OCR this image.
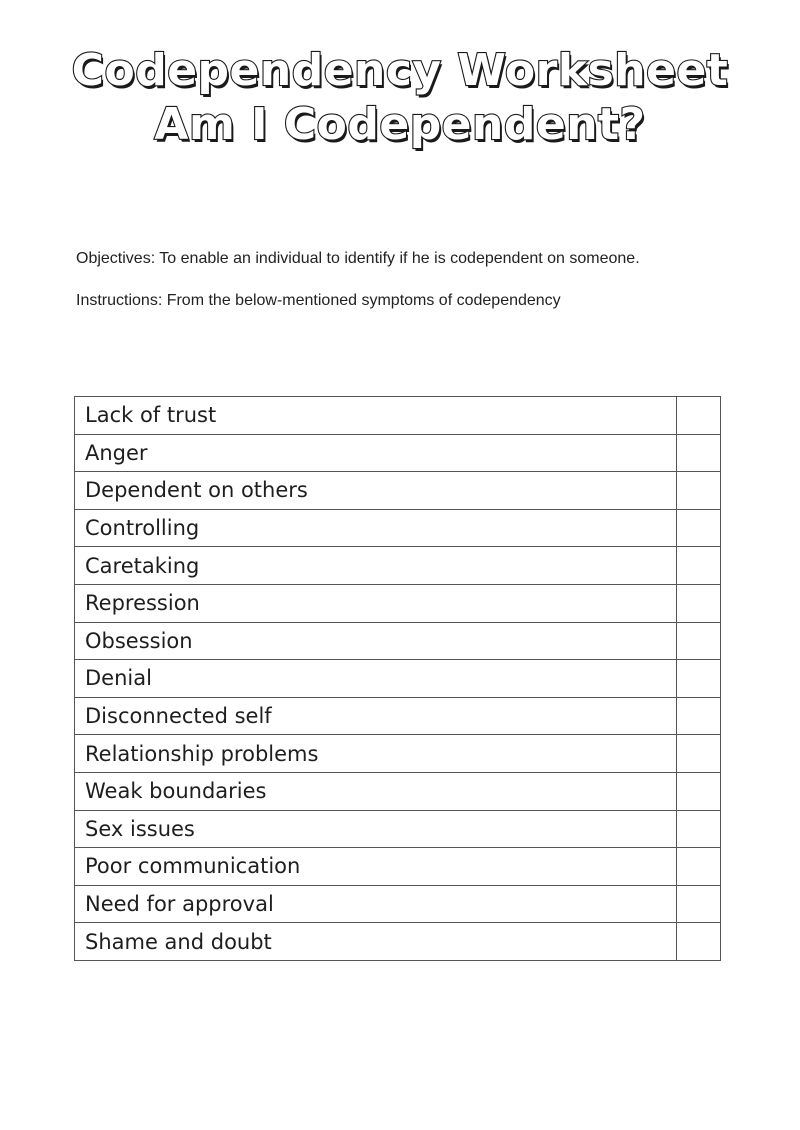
Codependency Worksheet
Am I Codependent?
Objectives: To enable an individual to identify if he is codependent on someone.
Instructions: From the below-mentioned symptoms of codependency
Lack of trust	
Anger	
Dependent on others	
Controlling	
Caretaking	
Repression	
Obsession	
Denial	
Disconnected self	
Relationship problems	
Weak boundaries	
Sex issues	
Poor communication	
Need for approval	
Shame and doubt	
